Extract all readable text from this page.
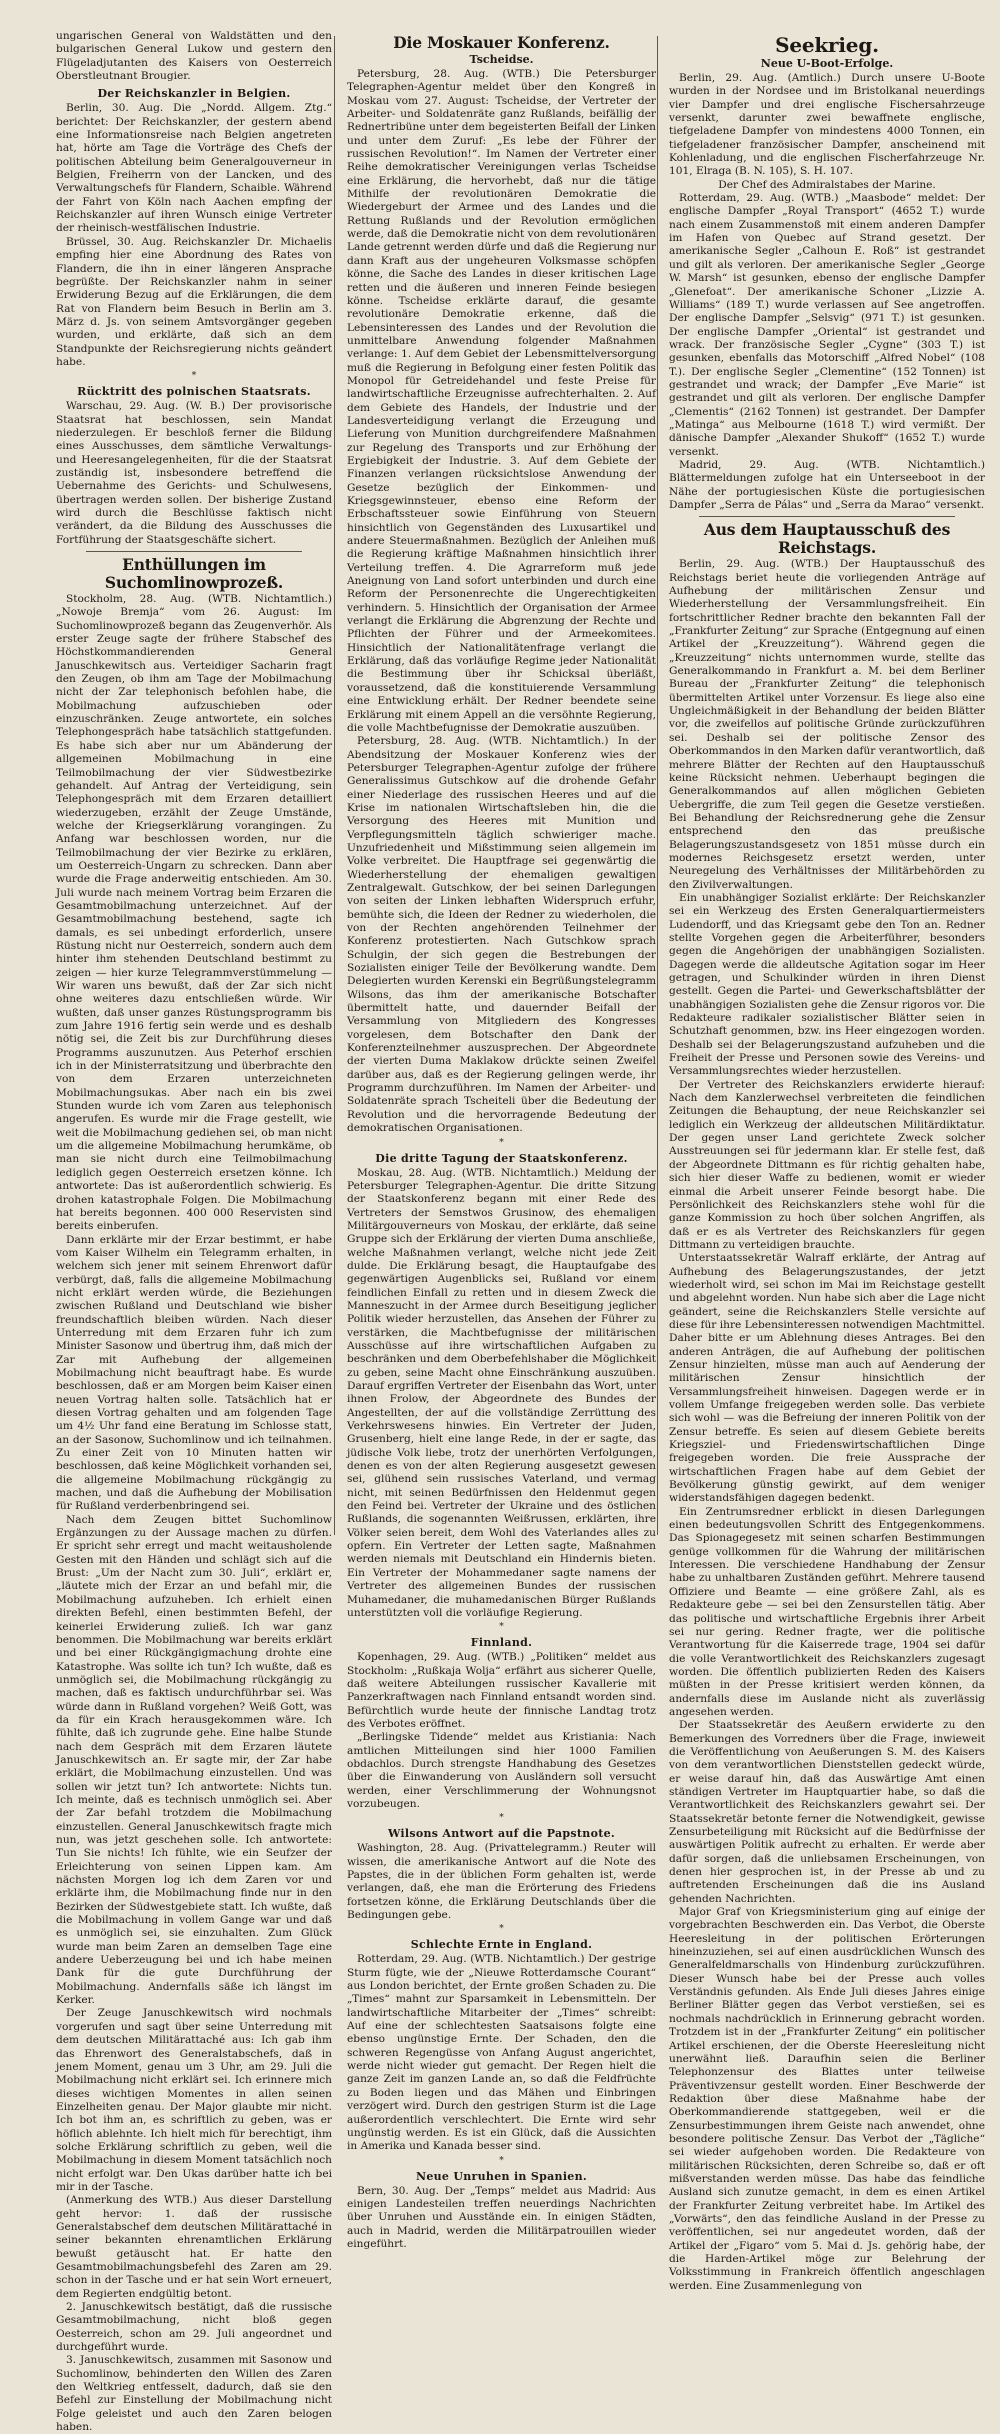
ungarischen General von Waldstätten und den bulgarischen General Lukow und gestern den Flügeladjutanten des Kaisers von Oesterreich Oberstleutnant Brougier.

Der Reichskanzler in Belgien.

Berlin, 30. Aug. Die „Nordd. Allgem. Ztg.“ berichtet: Der Reichskanzler, der gestern abend eine Informationsreise nach Belgien angetreten hat, hörte am Tage die Vorträge des Chefs der politischen Abteilung beim Generalgouverneur in Belgien, Freiherrn von der Lancken, und des Verwaltungschefs für Flandern, Schaible. Während der Fahrt von Köln nach Aachen empfing der Reichskanzler auf ihren Wunsch einige Vertreter der rheinisch-westfälischen Industrie.

Brüssel, 30. Aug. Reichskanzler Dr. Michaelis empfing hier eine Abordnung des Rates von Flandern, die ihn in einer längeren Ansprache begrüßte. Der Reichskanzler nahm in seiner Erwiderung Bezug auf die Erklärungen, die dem Rat von Flandern beim Besuch in Berlin am 3. März d. Js. von seinem Amtsvorgänger gegeben wurden, und erklärte, daß sich an dem Standpunkte der Reichsregierung nichts geändert habe.

*
Rücktritt des polnischen Staatsrats.

Warschau, 29. Aug. (W. B.) Der provisorische Staatsrat hat beschlossen, sein Mandat niederzulegen. Er beschloß ferner die Bildung eines Ausschusses, dem sämtliche Verwaltungs- und Heeresangelegenheiten, für die der Staatsrat zuständig ist, insbesondere betreffend die Uebernahme des Gerichts- und Schulwesens, übertragen werden sollen. Der bisherige Zustand wird durch die Beschlüsse faktisch nicht verändert, da die Bildung des Ausschusses die Fortführung der Staatsgeschäfte sichert.

Enthüllungen im Suchomlinowprozeß.

Stockholm, 28. Aug. (WTB. Nichtamtlich.) „Nowoje Bremja“ vom 26. August: Im Suchomlinowprozeß begann das Zeugenverhör. Als erster Zeuge sagte der frühere Stabschef des Höchstkommandierenden General Januschkewitsch aus. Verteidiger Sacharin fragt den Zeugen, ob ihm am Tage der Mobilmachung nicht der Zar telephonisch befohlen habe, die Mobilmachung aufzuschieben oder einzuschränken. Zeuge antwortete, ein solches Telephongespräch habe tatsächlich stattgefunden. Es habe sich aber nur um Abänderung der allgemeinen Mobilmachung in eine Teilmobilmachung der vier Südwestbezirke gehandelt. Auf Antrag der Verteidigung, sein Telephongespräch mit dem Erzaren detailliert wiederzugeben, erzählt der Zeuge Umstände, welche der Kriegserklärung vorangingen. Zu Anfang war beschlossen worden, nur die Teilmobilmachung der vier Bezirke zu erklären, um Oesterreich-Ungarn zu schrecken. Dann aber wurde die Frage anderweitig entschieden. Am 30. Juli wurde nach meinem Vortrag beim Erzaren die Gesamtmobilmachung unterzeichnet. Auf der Gesamtmobilmachung bestehend, sagte ich damals, es sei unbedingt erforderlich, unsere Rüstung nicht nur Oesterreich, sondern auch dem hinter ihm stehenden Deutschland bestimmt zu zeigen — hier kurze Telegrammverstümmelung — Wir waren uns bewußt, daß der Zar sich nicht ohne weiteres dazu entschließen würde. Wir wußten, daß unser ganzes Rüstungsprogramm bis zum Jahre 1916 fertig sein werde und es deshalb nötig sei, die Zeit bis zur Durchführung dieses Programms auszunutzen. Aus Peterhof erschien ich in der Ministerratsitzung und überbrachte den von dem Erzaren unterzeichneten Mobilmachungsukas. Aber nach ein bis zwei Stunden wurde ich vom Zaren aus telephonisch angerufen. Es wurde mir die Frage gestellt, wie weit die Mobilmachung gediehen sei, ob man nicht um die allgemeine Mobilmachung herumkäme, ob man sie nicht durch eine Teilmobilmachung lediglich gegen Oesterreich ersetzen könne. Ich antwortete: Das ist außerordentlich schwierig. Es drohen katastrophale Folgen. Die Mobilmachung hat bereits begonnen. 400 000 Reservisten sind bereits einberufen.

Dann erklärte mir der Erzar bestimmt, er habe vom Kaiser Wilhelm ein Telegramm erhalten, in welchem sich jener mit seinem Ehrenwort dafür verbürgt, daß, falls die allgemeine Mobilmachung nicht erklärt werden würde, die Beziehungen zwischen Rußland und Deutschland wie bisher freundschaftlich bleiben würden. Nach dieser Unterredung mit dem Erzaren fuhr ich zum Minister Sasonow und übertrug ihm, daß mich der Zar mit Aufhebung der allgemeinen Mobilmachung nicht beauftragt habe. Es wurde beschlossen, daß er am Morgen beim Kaiser einen neuen Vortrag halten solle. Tatsächlich hat er diesen Vortrag gehalten und am folgenden Tage um 4½ Uhr fand eine Beratung im Schlosse statt, an der Sasonow, Suchomlinow und ich teilnahmen. Zu einer Zeit von 10 Minuten hatten wir beschlossen, daß keine Möglichkeit vorhanden sei, die allgemeine Mobilmachung rückgängig zu machen, und daß die Aufhebung der Mobilisation für Rußland verderbenbringend sei.

Nach dem Zeugen bittet Suchomlinow Ergänzungen zu der Aussage machen zu dürfen. Er spricht sehr erregt und macht weitausholende Gesten mit den Händen und schlägt sich auf die Brust: „Um der Nacht zum 30. Juli“, erklärt er, „läutete mich der Erzar an und befahl mir, die Mobilmachung aufzuheben. Ich erhielt einen direkten Befehl, einen bestimmten Befehl, der keinerlei Erwiderung zuließ. Ich war ganz benommen. Die Mobilmachung war bereits erklärt und bei einer Rückgängigmachung drohte eine Katastrophe. Was sollte ich tun? Ich wußte, daß es unmöglich sei, die Mobilmachung rückgängig zu machen, daß es faktisch undurchführbar sei. Was würde dann in Rußland vorgehen? Weiß Gott, was da für ein Krach herausgekommen wäre. Ich fühlte, daß ich zugrunde gehe. Eine halbe Stunde nach dem Gespräch mit dem Erzaren läutete Januschkewitsch an. Er sagte mir, der Zar habe erklärt, die Mobilmachung einzustellen. Und was sollen wir jetzt tun? Ich antwortete: Nichts tun. Ich meinte, daß es technisch unmöglich sei. Aber der Zar befahl trotzdem die Mobilmachung einzustellen. General Januschkewitsch fragte mich nun, was jetzt geschehen solle. Ich antwortete: Tun Sie nichts! Ich fühlte, wie ein Seufzer der Erleichterung von seinen Lippen kam. Am nächsten Morgen log ich dem Zaren vor und erklärte ihm, die Mobilmachung finde nur in den Bezirken der Südwestgebiete statt. Ich wußte, daß die Mobilmachung in vollem Gange war und daß es unmöglich sei, sie einzuhalten. Zum Glück wurde man beim Zaren an demselben Tage eine andere Ueberzeugung bei und ich habe meinen Dank für die gute Durchführung der Mobilmachung. Andernfalls säße ich längst im Kerker.

Der Zeuge Januschkewitsch wird nochmals vorgerufen und sagt über seine Unterredung mit dem deutschen Militärattaché aus: Ich gab ihm das Ehrenwort des Generalstabschefs, daß in jenem Moment, genau um 3 Uhr, am 29. Juli die Mobilmachung nicht erklärt sei. Ich erinnere mich dieses wichtigen Momentes in allen seinen Einzelheiten genau. Der Major glaubte mir nicht. Ich bot ihm an, es schriftlich zu geben, was er höflich ablehnte. Ich hielt mich für berechtigt, ihm solche Erklärung schriftlich zu geben, weil die Mobilmachung in diesem Moment tatsächlich noch nicht erfolgt war. Den Ukas darüber hatte ich bei mir in der Tasche.

(Anmerkung des WTB.) Aus dieser Darstellung geht hervor: 1. daß der russische Generalstabschef dem deutschen Militärattaché in seiner bekannten ehrenamtlichen Erklärung bewußt getäuscht hat. Er hatte den Gesamtmobilmachungsbefehl des Zaren am 29. schon in der Tasche und er hat sein Wort erneuert, dem Regierten endgültig betont.

2. Januschkewitsch bestätigt, daß die russische Gesamtmobilmachung, nicht bloß gegen Oesterreich, schon am 29. Juli angeordnet und durchgeführt wurde.

3. Januschkewitsch, zusammen mit Sasonow und Suchomlinow, behinderten den Willen des Zaren den Weltkrieg entfesselt, dadurch, daß sie den Befehl zur Einstellung der Mobilmachung nicht Folge geleistet und auch den Zaren belogen haben.

Die Moskauer Konferenz.
Tscheidse.

Petersburg, 28. Aug. (WTB.) Die Petersburger Telegraphen-Agentur meldet über den Kongreß in Moskau vom 27. August: Tscheidse, der Vertreter der Arbeiter- und Soldatenräte ganz Rußlands, beifällig der Rednertribüne unter dem begeisterten Beifall der Linken und unter dem Zuruf: „Es lebe der Führer der russischen Revolution!“. Im Namen der Vertreter einer Reihe demokratischer Vereinigungen verlas Tscheidse eine Erklärung, die hervorhebt, daß nur die tätige Mithilfe der revolutionären Demokratie die Wiedergeburt der Armee und des Landes und die Rettung Rußlands und der Revolution ermöglichen werde, daß die Demokratie nicht von dem revolutionären Lande getrennt werden dürfe und daß die Regierung nur dann Kraft aus der ungeheuren Volksmasse schöpfen könne, die Sache des Landes in dieser kritischen Lage retten und die äußeren und inneren Feinde besiegen könne. Tscheidse erklärte darauf, die gesamte revolutionäre Demokratie erkenne, daß die Lebensinteressen des Landes und der Revolution die unmittelbare Anwendung folgender Maßnahmen verlange: 1. Auf dem Gebiet der Lebensmittelversorgung muß die Regierung in Befolgung einer festen Politik das Monopol für Getreidehandel und feste Preise für landwirtschaftliche Erzeugnisse aufrechterhalten. 2. Auf dem Gebiete des Handels, der Industrie und der Landesverteidigung verlangt die Erzeugung und Lieferung von Munition durchgreifendere Maßnahmen zur Regelung des Transports und zur Erhöhung der Ergiebigkeit der Industrie. 3. Auf dem Gebiete der Finanzen verlangen rücksichtslose Anwendung der Gesetze bezüglich der Einkommen- und Kriegsgewinnsteuer, ebenso eine Reform der Erbschaftssteuer sowie Einführung von Steuern hinsichtlich von Gegenständen des Luxusartikel und andere Steuermaßnahmen. Bezüglich der Anleihen muß die Regierung kräftige Maßnahmen hinsichtlich ihrer Verteilung treffen. 4. Die Agrarreform muß jede Aneignung von Land sofort unterbinden und durch eine Reform der Personenrechte die Ungerechtigkeiten verhindern. 5. Hinsichtlich der Organisation der Armee verlangt die Erklärung die Abgrenzung der Rechte und Pflichten der Führer und der Armeekomitees. Hinsichtlich der Nationalitätenfrage verlangt die Erklärung, daß das vorläufige Regime jeder Nationalität die Bestimmung über ihr Schicksal überläßt, voraussetzend, daß die konstituierende Versammlung eine Entwicklung erhält. Der Redner beendete seine Erklärung mit einem Appell an die versöhnte Regierung, die volle Machtbefugnisse der Demokratie auszuüben.

Petersburg, 28. Aug. (WTB. Nichtamtlich.) In der Abendsitzung der Moskauer Konferenz wies der Petersburger Telegraphen-Agentur zufolge der frühere Generalissimus Gutschkow auf die drohende Gefahr einer Niederlage des russischen Heeres und auf die Krise im nationalen Wirtschaftsleben hin, die die Versorgung des Heeres mit Munition und Verpflegungsmitteln täglich schwieriger mache. Unzufriedenheit und Mißstimmung seien allgemein im Volke verbreitet. Die Hauptfrage sei gegenwärtig die Wiederherstellung der ehemaligen gewaltigen Zentralgewalt. Gutschkow, der bei seinen Darlegungen von seiten der Linken lebhaften Widerspruch erfuhr, bemühte sich, die Ideen der Redner zu wiederholen, die von der Rechten angehörenden Teilnehmer der Konferenz protestierten. Nach Gutschkow sprach Schulgin, der sich gegen die Bestrebungen der Sozialisten einiger Teile der Bevölkerung wandte. Dem Delegierten wurden Kerenski ein Begrüßungstelegramm Wilsons, das ihm der amerikanische Botschafter übermittelt hatte, und dauernder Beifall der Versammlung von Mitgliedern des Kongresses vorgelesen, dem Botschafter den Dank der Konferenzteilnehmer auszusprechen. Der Abgeordnete der vierten Duma Maklakow drückte seinen Zweifel darüber aus, daß es der Regierung gelingen werde, ihr Programm durchzuführen. Im Namen der Arbeiter- und Soldatenräte sprach Tscheiteli über die Bedeutung der Revolution und die hervorragende Bedeutung der demokratischen Organisationen.

*
Die dritte Tagung der Staatskonferenz.

Moskau, 28. Aug. (WTB. Nichtamtlich.) Meldung der Petersburger Telegraphen-Agentur. Die dritte Sitzung der Staatskonferenz begann mit einer Rede des Vertreters der Semstwos Grusinow, des ehemaligen Militärgouverneurs von Moskau, der erklärte, daß seine Gruppe sich der Erklärung der vierten Duma anschließe, welche Maßnahmen verlangt, welche nicht jede Zeit dulde. Die Erklärung besagt, die Hauptaufgabe des gegenwärtigen Augenblicks sei, Rußland vor einem feindlichen Einfall zu retten und in diesem Zweck die Manneszucht in der Armee durch Beseitigung jeglicher Politik wieder herzustellen, das Ansehen der Führer zu verstärken, die Machtbefugnisse der militärischen Ausschüsse auf ihre wirtschaftlichen Aufgaben zu beschränken und dem Oberbefehlshaber die Möglichkeit zu geben, seine Macht ohne Einschränkung auszuüben. Darauf ergriffen Vertreter der Eisenbahn das Wort, unter ihnen Frolow, der Abgeordnete des Bundes der Angestellten, der auf die vollständige Zerrüttung des Verkehrswesens hinwies. Ein Vertreter der Juden, Grusenberg, hielt eine lange Rede, in der er sagte, das jüdische Volk liebe, trotz der unerhörten Verfolgungen, denen es von der alten Regierung ausgesetzt gewesen sei, glühend sein russisches Vaterland, und vermag nicht, mit seinen Bedürfnissen den Heldenmut gegen den Feind bei. Vertreter der Ukraine und des östlichen Rußlands, die sogenannten Weißrussen, erklärten, ihre Völker seien bereit, dem Wohl des Vaterlandes alles zu opfern. Ein Vertreter der Letten sagte, Maßnahmen werden niemals mit Deutschland ein Hindernis bieten. Ein Vertreter der Mohammedaner sagte namens der Vertreter des allgemeinen Bundes der russischen Muhamedaner, die muhamedanischen Bürger Rußlands unterstützten voll die vorläufige Regierung.

*
Finnland.

Kopenhagen, 29. Aug. (WTB.) „Politiken“ meldet aus Stockholm: „Rußkaja Wolja“ erfährt aus sicherer Quelle, daß weitere Abteilungen russischer Kavallerie mit Panzerkraftwagen nach Finnland entsandt worden sind. Befürchtlich wurde heute der finnische Landtag trotz des Verbotes eröffnet.

„Berlingske Tidende“ meldet aus Kristiania: Nach amtlichen Mitteilungen sind hier 1000 Familien obdachlos. Durch strengste Handhabung des Gesetzes über die Einwanderung von Ausländern soll versucht werden, einer Verschlimmerung der Wohnungsnot vorzubeugen.

*
Wilsons Antwort auf die Papstnote.

Washington, 28. Aug. (Privattelegramm.) Reuter will wissen, die amerikanische Antwort auf die Note des Papstes, die in der üblichen Form gehalten ist, werde verlangen, daß, ehe man die Erörterung des Friedens fortsetzen könne, die Erklärung Deutschlands über die Bedingungen gebe.

*
Schlechte Ernte in England.

Rotterdam, 29. Aug. (WTB. Nichtamtlich.) Der gestrige Sturm fügte, wie der „Nieuwe Rotterdamsche Courant“ aus London berichtet, der Ernte großen Schaden zu. Die „Times“ mahnt zur Sparsamkeit in Lebensmitteln. Der landwirtschaftliche Mitarbeiter der „Times“ schreibt: Auf eine der schlechtesten Saatsaisons folgte eine ebenso ungünstige Ernte. Der Schaden, den die schweren Regengüsse von Anfang August angerichtet, werde nicht wieder gut gemacht. Der Regen hielt die ganze Zeit im ganzen Lande an, so daß die Feldfrüchte zu Boden liegen und das Mähen und Einbringen verzögert wird. Durch den gestrigen Sturm ist die Lage außerordentlich verschlechtert. Die Ernte wird sehr ungünstig werden. Es ist ein Glück, daß die Aussichten in Amerika und Kanada besser sind.

*
Neue Unruhen in Spanien.

Bern, 30. Aug. Der „Temps“ meldet aus Madrid: Aus einigen Landesteilen treffen neuerdings Nachrichten über Unruhen und Ausstände ein. In einigen Städten, auch in Madrid, werden die Militärpatrouillen wieder eingeführt.

Seekrieg.
Neue U-Boot-Erfolge.

Berlin, 29. Aug. (Amtlich.) Durch unsere U-Boote wurden in der Nordsee und im Bristolkanal neuerdings vier Dampfer und drei englische Fischersahrzeuge versenkt, darunter zwei bewaffnete englische, tiefgeladene Dampfer von mindestens 4000 Tonnen, ein tiefgeladener französischer Dampfer, anscheinend mit Kohlenladung, und die englischen Fischerfahrzeuge Nr. 101, Elraga (B. N. 105), S. H. 107.

Der Chef des Admiralstabes der Marine.

Rotterdam, 29. Aug. (WTB.) „Maasbode“ meldet: Der englische Dampfer „Royal Transport“ (4652 T.) wurde nach einem Zusammenstoß mit einem anderen Dampfer im Hafen von Quebec auf Strand gesetzt. Der amerikanische Segler „Calhoun E. Roß“ ist gestrandet und gilt als verloren. Der amerikanische Segler „George W. Marsh“ ist gesunken, ebenso der englische Dampfer „Glenefoat“. Der amerikanische Schoner „Lizzie A. Williams“ (189 T.) wurde verlassen auf See angetroffen. Der englische Dampfer „Selsvig“ (971 T.) ist gesunken. Der englische Dampfer „Oriental“ ist gestrandet und wrack. Der französische Segler „Cygne“ (303 T.) ist gesunken, ebenfalls das Motorschiff „Alfred Nobel“ (108 T.). Der englische Segler „Clementine“ (152 Tonnen) ist gestrandet und wrack; der Dampfer „Eve Marie“ ist gestrandet und gilt als verloren. Der englische Dampfer „Clementis“ (2162 Tonnen) ist gestrandet. Der Dampfer „Matinga“ aus Melbourne (1618 T.) wird vermißt. Der dänische Dampfer „Alexander Shukoff“ (1652 T.) wurde versenkt.

Madrid, 29. Aug. (WTB. Nichtamtlich.) Blättermeldungen zufolge hat ein Unterseeboot in der Nähe der portugiesischen Küste die portugiesischen Dampfer „Serra de Pálas“ und „Serra da Marao“ versenkt.

Aus dem Hauptausschuß des Reichstags.

Berlin, 29. Aug. (WTB.) Der Hauptausschuß des Reichstags beriet heute die vorliegenden Anträge auf Aufhebung der militärischen Zensur und Wiederherstellung der Versammlungsfreiheit. Ein fortschrittlicher Redner brachte den bekannten Fall der „Frankfurter Zeitung“ zur Sprache (Entgegnung auf einen Artikel der „Kreuzzeitung“). Während gegen die „Kreuzzeitung“ nichts unternommen wurde, stellte das Generalkommando in Frankfurt a. M. bei dem Berliner Bureau der „Frankfurter Zeitung“ die telephonisch übermittelten Artikel unter Vorzensur. Es liege also eine Ungleichmäßigkeit in der Behandlung der beiden Blätter vor, die zweifellos auf politische Gründe zurückzuführen sei. Deshalb sei der politische Zensor des Oberkommandos in den Marken dafür verantwortlich, daß mehrere Blätter der Rechten auf den Hauptausschuß keine Rücksicht nehmen. Ueberhaupt begingen die Generalkommandos auf allen möglichen Gebieten Uebergriffe, die zum Teil gegen die Gesetze verstießen. Bei Behandlung der Reichsrednerung gehe die Zensur entsprechend den das preußische Belagerungszustandsgesetz von 1851 müsse durch ein modernes Reichsgesetz ersetzt werden, unter Neuregelung des Verhältnisses der Militärbehörden zu den Zivilverwaltungen.

Ein unabhängiger Sozialist erklärte: Der Reichskanzler sei ein Werkzeug des Ersten Generalquartiermeisters Ludendorff, und das Kriegsamt gebe den Ton an. Redner stellte Vorgehen gegen die Arbeiterführer, besonders gegen die Angehörigen der unabhängigen Sozialisten. Dagegen werde die alldeutsche Agitation sogar im Heer getragen, und Schulkinder würden in ihren Dienst gestellt. Gegen die Partei- und Gewerkschaftsblätter der unabhängigen Sozialisten gehe die Zensur rigoros vor. Die Redakteure radikaler sozialistischer Blätter seien in Schutzhaft genommen, bzw. ins Heer eingezogen worden. Deshalb sei der Belagerungszustand aufzuheben und die Freiheit der Presse und Personen sowie des Vereins- und Versammlungsrechtes wieder herzustellen.

Der Vertreter des Reichskanzlers erwiderte hierauf: Nach dem Kanzlerwechsel verbreiteten die feindlichen Zeitungen die Behauptung, der neue Reichskanzler sei lediglich ein Werkzeug der alldeutschen Militärdiktatur. Der gegen unser Land gerichtete Zweck solcher Ausstreuungen sei für jedermann klar. Er stelle fest, daß der Abgeordnete Dittmann es für richtig gehalten habe, sich hier dieser Waffe zu bedienen, womit er wieder einmal die Arbeit unserer Feinde besorgt habe. Die Persönlichkeit des Reichskanzlers stehe wohl für die ganze Kommission zu hoch über solchen Angriffen, als daß er es als Vertreter des Reichskanzlers für gegen Dittmann zu verteidigen brauchte.

Unterstaatssekretär Walraff erklärte, der Antrag auf Aufhebung des Belagerungszustandes, der jetzt wiederholt wird, sei schon im Mai im Reichstage gestellt und abgelehnt worden. Nun habe sich aber die Lage nicht geändert, seine die Reichskanzlers Stelle versichte auf diese für ihre Lebensinteressen notwendigen Machtmittel. Daher bitte er um Ablehnung dieses Antrages. Bei den anderen Anträgen, die auf Aufhebung der politischen Zensur hinzielten, müsse man auch auf Aenderung der militärischen Zensur hinsichtlich der Versammlungsfreiheit hinweisen. Dagegen werde er in vollem Umfange freigegeben werden solle. Das verbiete sich wohl — was die Befreiung der inneren Politik von der Zensur betreffe. Es seien auf diesem Gebiete bereits Kriegsziel- und Friedenswirtschaftlichen Dinge freigegeben worden. Die freie Aussprache der wirtschaftlichen Fragen habe auf dem Gebiet der Bevölkerung günstig gewirkt, auf dem weniger widerstandsfähigen dagegen bedenkt.

Ein Zentrumsredner erblickt in diesen Darlegungen einen bedeutungsvollen Schritt des Entgegenkommens. Das Spionagegesetz mit seinen scharfen Bestimmungen genüge vollkommen für die Wahrung der militärischen Interessen. Die verschiedene Handhabung der Zensur habe zu unhaltbaren Zuständen geführt. Mehrere tausend Offiziere und Beamte — eine größere Zahl, als es Redakteure gebe — sei bei den Zensurstellen tätig. Aber das politische und wirtschaftliche Ergebnis ihrer Arbeit sei nur gering. Redner fragte, wer die politische Verantwortung für die Kaiserrede trage, 1904 sei dafür die volle Verantwortlichkeit des Reichskanzlers zugesagt worden. Die öffentlich publizierten Reden des Kaisers müßten in der Presse kritisiert werden können, da andernfalls diese im Auslande nicht als zuverlässig angesehen werden.

Der Staatssekretär des Aeußern erwiderte zu den Bemerkungen des Vorredners über die Frage, inwieweit die Veröffentlichung von Aeußerungen S. M. des Kaisers von dem verantwortlichen Dienststellen gedeckt würde, er weise darauf hin, daß das Auswärtige Amt einen ständigen Vertreter im Hauptquartier habe, so daß die Verantwortlichkeit des Reichskanzlers gewahrt sei. Der Staatssekretär betonte ferner die Notwendigkeit, gewisse Zensurbeteiligung mit Rücksicht auf die Bedürfnisse der auswärtigen Politik aufrecht zu erhalten. Er werde aber dafür sorgen, daß die unliebsamen Erscheinungen, von denen hier gesprochen ist, in der Presse ab und zu auftretenden Erscheinungen daß die ins Ausland gehenden Nachrichten.

Major Graf von Kriegsministerium ging auf einige der vorgebrachten Beschwerden ein. Das Verbot, die Oberste Heeresleitung in der politischen Erörterungen hineinzuziehen, sei auf einen ausdrücklichen Wunsch des Generalfeldmarschalls von Hindenburg zurückzuführen. Dieser Wunsch habe bei der Presse auch volles Verständnis gefunden. Als Ende Juli dieses Jahres einige Berliner Blätter gegen das Verbot verstießen, sei es nochmals nachdrücklich in Erinnerung gebracht worden. Trotzdem ist in der „Frankfurter Zeitung“ ein politischer Artikel erschienen, der die Oberste Heeresleitung nicht unerwähnt ließ. Daraufhin seien die Berliner Telephonzensur des Blattes unter teilweise Präventivzensur gestellt worden. Einer Beschwerde der Redaktion über diese Maßnahme habe der Oberkommandierende stattgegeben, weil er die Zensurbestimmungen ihrem Geiste nach anwendet, ohne besondere politische Zensur. Das Verbot der „Tägliche“ sei wieder aufgehoben worden. Die Redakteure von militärischen Rücksichten, deren Schreibe so, daß er oft mißverstanden werden müsse. Das habe das feindliche Ausland sich zunutze gemacht, in dem es einen Artikel der Frankfurter Zeitung verbreitet habe. Im Artikel des „Vorwärts“, den das feindliche Ausland in der Presse zu veröffentlichen, sei nur angedeutet worden, daß der Artikel der „Figaro“ vom 5. Mai d. Js. gehörig habe, der die Harden-Artikel möge zur Belehrung der Volksstimmung in Frankreich öffentlich angeschlagen werden. Eine Zusammenlegung von
